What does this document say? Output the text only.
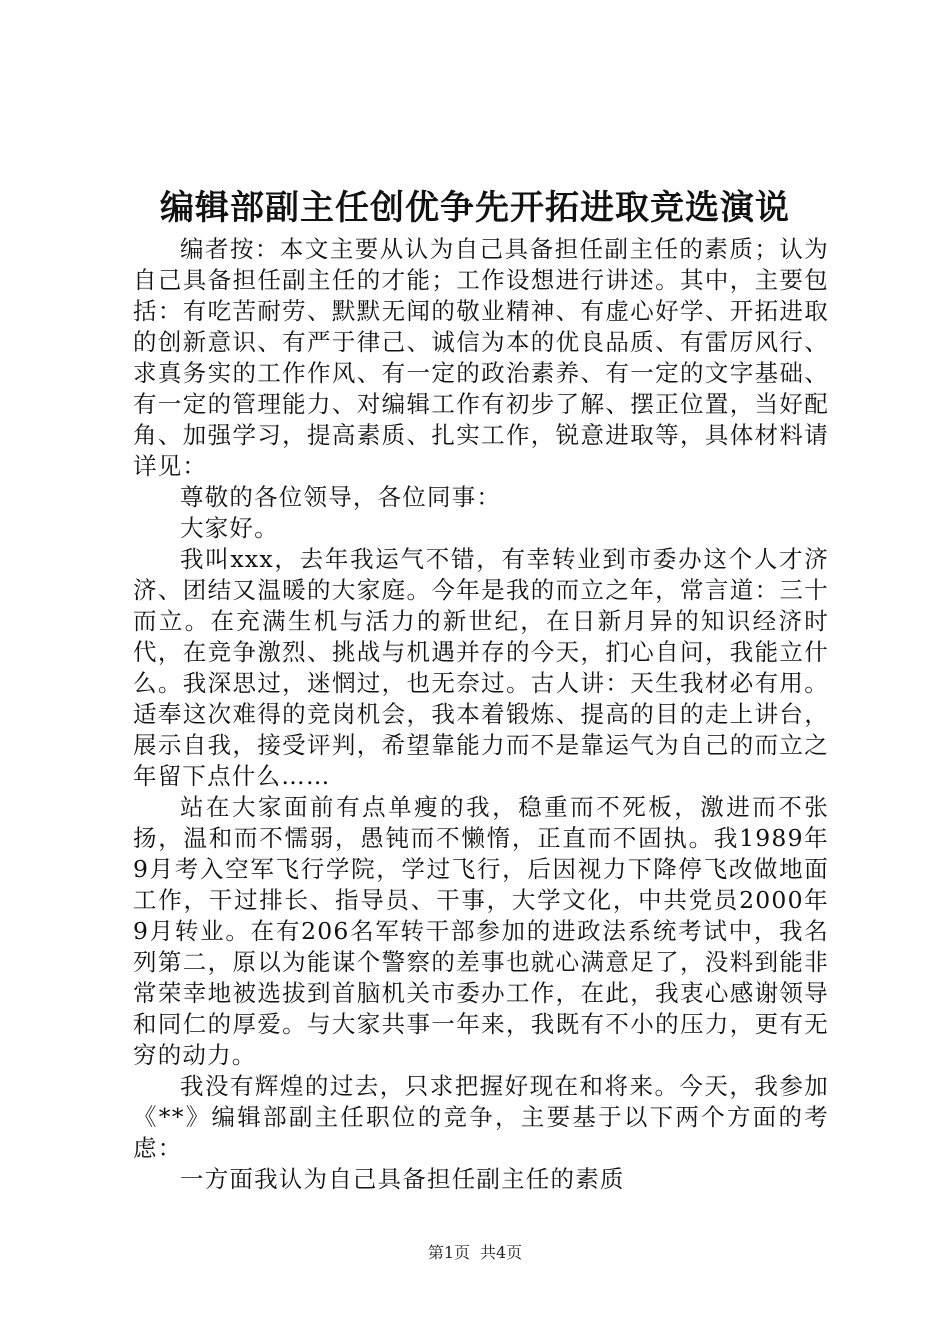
编辑部副主任创优争先开拓进取竞选演说

编者按：本文主要从认为自己具备担任副主任的素质；认为自己具备担任副主任的才能；工作设想进行讲述。其中，主要包括：有吃苦耐劳、默默无闻的敬业精神、有虚心好学、开拓进取的创新意识、有严于律己、诚信为本的优良品质、有雷厉风行、求真务实的工作作风、有一定的政治素养、有一定的文字基础、有一定的管理能力、对编辑工作有初步了解、摆正位置，当好配角、加强学习，提高素质、扎实工作，锐意进取等，具体材料请详见：

尊敬的各位领导，各位同事：

大家好。

我叫xxx，去年我运气不错，有幸转业到市委办这个人才济济、团结又温暖的大家庭。今年是我的而立之年，常言道：三十而立。在充满生机与活力的新世纪，在日新月异的知识经济时代，在竞争激烈、挑战与机遇并存的今天，扪心自问，我能立什么。我深思过，迷惘过，也无奈过。古人讲：天生我材必有用。适奉这次难得的竞岗机会，我本着锻炼、提高的目的走上讲台，展示自我，接受评判，希望靠能力而不是靠运气为自己的而立之年留下点什么……

站在大家面前有点单瘦的我，稳重而不死板，激进而不张扬，温和而不懦弱，愚钝而不懒惰，正直而不固执。我1989年9月考入空军飞行学院，学过飞行，后因视力下降停飞改做地面工作，干过排长、指导员、干事，大学文化，中共党员2000年9月转业。在有206名军转干部参加的进政法系统考试中，我名列第二，原以为能谋个警察的差事也就心满意足了，没料到能非常荣幸地被选拔到首脑机关市委办工作，在此，我衷心感谢领导和同仁的厚爱。与大家共事一年来，我既有不小的压力，更有无穷的动力。

我没有辉煌的过去，只求把握好现在和将来。今天，我参加《**》编辑部副主任职位的竞争，主要基于以下两个方面的考虑：

一方面我认为自己具备担任副主任的素质

第1页 共4页
